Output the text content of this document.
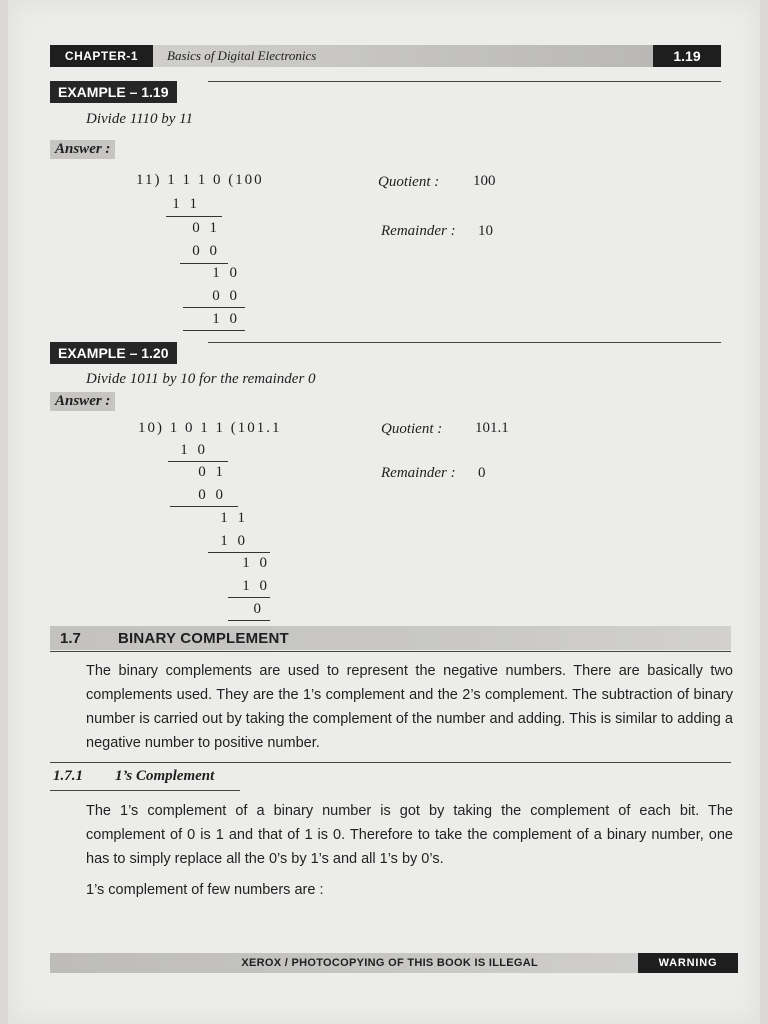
CHAPTER-1	Basics of Digital Electronics	1.19
EXAMPLE – 1.19
Divide 1110 by 11
Answer :
11) 1 1 1 0 (100	Quotient : 100
Remainder : 10
1 1
0 1
0 0
1 0
0 0
1 0
EXAMPLE – 1.20
Divide 1011 by 10 for the remainder 0
Answer :
10) 1 0 1 1 (101.1	Quotient : 101.1
Remainder : 0
1 0
0 1
0 0
1 1
1 0
1 0
1 0
0
1.7 BINARY COMPLEMENT
The binary complements are used to represent the negative numbers. There are basically two complements used. They are the 1’s complement and the 2’s complement. The subtraction of binary number is carried out by taking the complement of the number and adding. This is similar to adding a negative number to positive number.
1.7.1 1’s Complement
The 1’s complement of a binary number is got by taking the complement of each bit. The complement of 0 is 1 and that of 1 is 0. Therefore to take the complement of a binary number, one has to simply replace all the 0’s by 1’s and all 1’s by 0’s.
1’s complement of few numbers are :
XEROX / PHOTOCOPYING OF THIS BOOK IS ILLEGAL	WARNING
